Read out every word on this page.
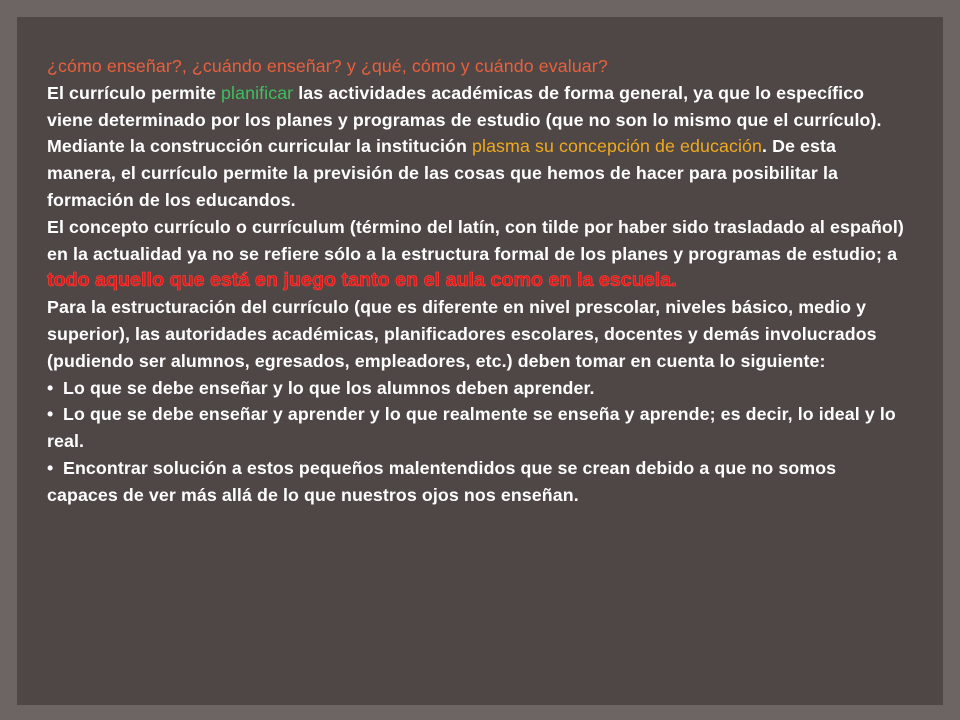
¿cómo enseñar?, ¿cuándo enseñar? y ¿qué, cómo y cuándo evaluar?

El currículo permite planificar las actividades académicas de forma general, ya que lo específico viene determinado por los planes y programas de estudio (que no son lo mismo que el currículo). Mediante la construcción curricular la institución plasma su concepción de educación. De esta manera, el currículo permite la previsión de las cosas que hemos de hacer para posibilitar la formación de los educandos.

El concepto currículo o currículum (término del latín, con tilde por haber sido trasladado al español) en la actualidad ya no se refiere sólo a la estructura formal de los planes y programas de estudio; a todo aquello que está en juego tanto en el aula como en la escuela.

Para la estructuración del currículo (que es diferente en nivel prescolar, niveles básico, medio y superior), las autoridades académicas, planificadores escolares, docentes y demás involucrados (pudiendo ser alumnos, egresados, empleadores, etc.) deben tomar en cuenta lo siguiente:

• Lo que se debe enseñar y lo que los alumnos deben aprender.

• Lo que se debe enseñar y aprender y lo que realmente se enseña y aprende; es decir, lo ideal y lo real.

• Encontrar solución a estos pequeños malentendidos que se crean debido a que no somos capaces de ver más allá de lo que nuestros ojos nos enseñan.
